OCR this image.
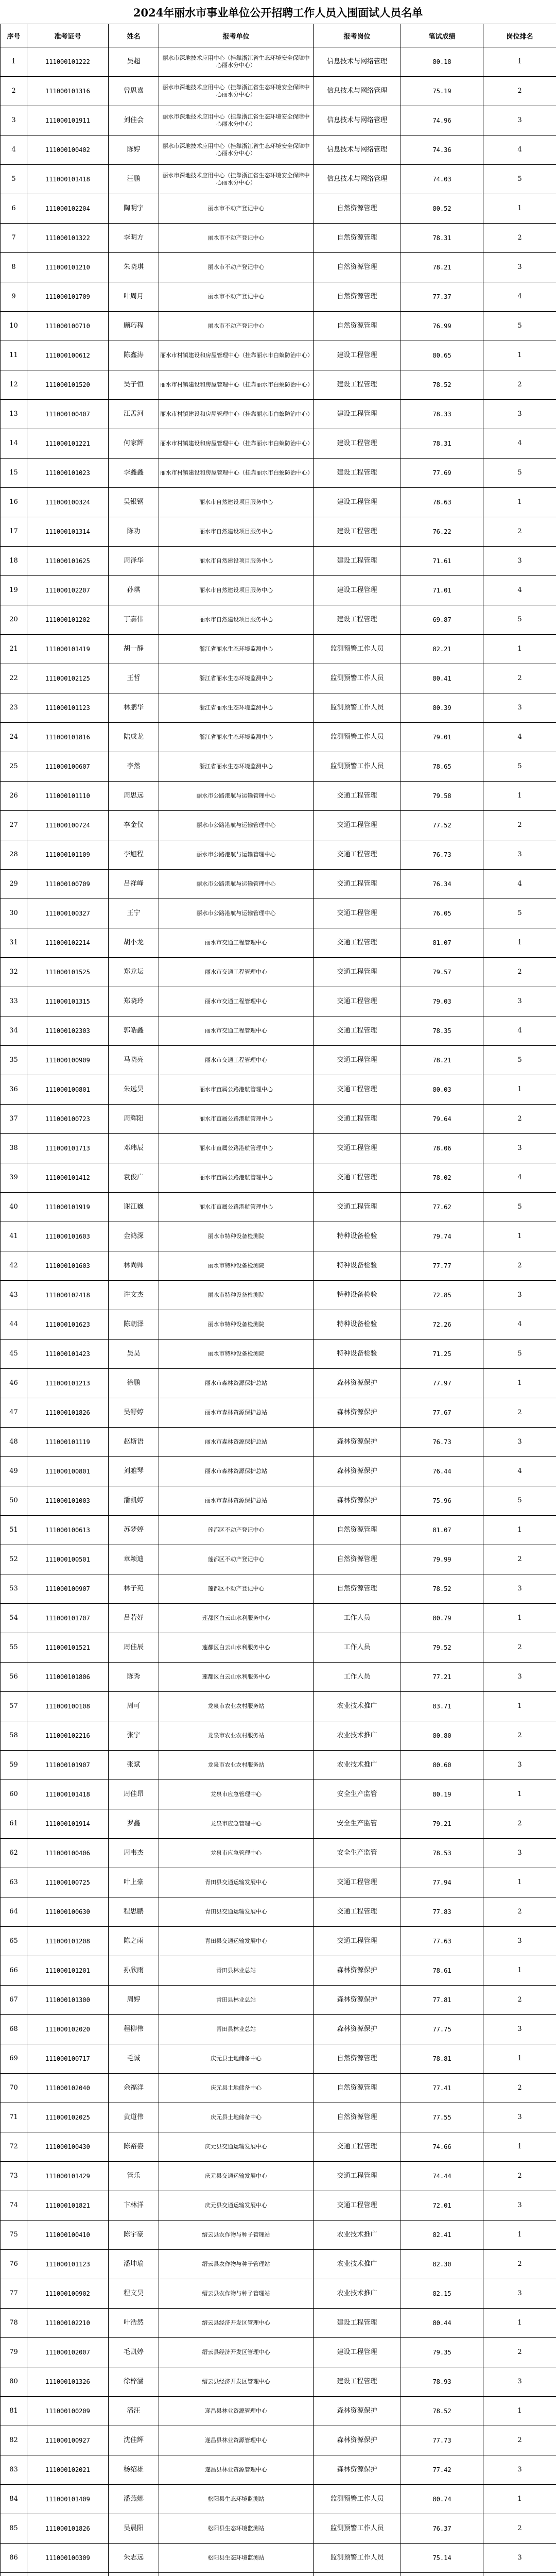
2024年丽水市事业单位公开招聘工作人员入围面试人员名单
序号	准考证号	姓名	报考单位	报考岗位	笔试成绩	岗位排名
1	111000101222	吴超	丽水市深地技术应用中心（挂靠浙江省生态环境安全保障中心丽水分中心）	信息技术与网络管理	80.18	1
2	111000101316	曾思嘉	丽水市深地技术应用中心（挂靠浙江省生态环境安全保障中心丽水分中心）	信息技术与网络管理	75.19	2
3	111000101911	刘佳会	丽水市深地技术应用中心（挂靠浙江省生态环境安全保障中心丽水分中心）	信息技术与网络管理	74.96	3
4	111000100402	陈婷	丽水市深地技术应用中心（挂靠浙江省生态环境安全保障中心丽水分中心）	信息技术与网络管理	74.36	4
5	111000101418	汪鹏	丽水市深地技术应用中心（挂靠浙江省生态环境安全保障中心丽水分中心）	信息技术与网络管理	74.03	5
6	111000102204	陶明宇	丽水市不动产登记中心	自然资源管理	80.52	1
7	111000101322	李明方	丽水市不动产登记中心	自然资源管理	78.31	2
8	111000101210	朱晓琪	丽水市不动产登记中心	自然资源管理	78.21	3
9	111000101709	叶周月	丽水市不动产登记中心	自然资源管理	77.37	4
10	111000100710	顾巧程	丽水市不动产登记中心	自然资源管理	76.99	5
11	111000100612	陈鑫涛	丽水市村镇建设和房屋管理中心（挂靠丽水市白蚁防治中心）	建设工程管理	80.65	1
12	111000101520	吴子恒	丽水市村镇建设和房屋管理中心（挂靠丽水市白蚁防治中心）	建设工程管理	78.52	2
13	111000100407	江孟河	丽水市村镇建设和房屋管理中心（挂靠丽水市白蚁防治中心）	建设工程管理	78.33	3
14	111000101221	何家辉	丽水市村镇建设和房屋管理中心（挂靠丽水市白蚁防治中心）	建设工程管理	78.31	4
15	111000101023	李鑫鑫	丽水市村镇建设和房屋管理中心（挂靠丽水市白蚁防治中心）	建设工程管理	77.69	5
16	111000100324	吴银钢	丽水市自然建设项目服务中心	建设工程管理	78.63	1
17	111000101314	陈功	丽水市自然建设项目服务中心	建设工程管理	76.22	2
18	111000101625	周泽华	丽水市自然建设项目服务中心	建设工程管理	71.61	3
19	111000102207	孙琪	丽水市自然建设项目服务中心	建设工程管理	71.01	4
20	111000101202	丁嘉伟	丽水市自然建设项目服务中心	建设工程管理	69.87	5
21	111000101419	胡一静	浙江省丽水生态环境监测中心	监测预警工作人员	82.21	1
22	111000102125	王哲	浙江省丽水生态环境监测中心	监测预警工作人员	80.41	2
23	111000101123	林鹏华	浙江省丽水生态环境监测中心	监测预警工作人员	80.39	3
24	111000101816	陆成龙	浙江省丽水生态环境监测中心	监测预警工作人员	79.01	4
25	111000100607	李然	浙江省丽水生态环境监测中心	监测预警工作人员	78.65	5
26	111000101110	周思远	丽水市公路港航与运输管理中心	交通工程管理	79.58	1
27	111000100724	李金仪	丽水市公路港航与运输管理中心	交通工程管理	77.52	2
28	111000101109	李旭程	丽水市公路港航与运输管理中心	交通工程管理	76.73	3
29	111000100709	吕祥峰	丽水市公路港航与运输管理中心	交通工程管理	76.34	4
30	111000100327	王宁	丽水市公路港航与运输管理中心	交通工程管理	76.05	5
31	111000102214	胡小龙	丽水市交通工程管理中心	交通工程管理	81.07	1
32	111000101525	郑龙坛	丽水市交通工程管理中心	交通工程管理	79.57	2
33	111000101315	郑晓玲	丽水市交通工程管理中心	交通工程管理	79.03	3
34	111000102303	郭皓鑫	丽水市交通工程管理中心	交通工程管理	78.35	4
35	111000100909	马晓亮	丽水市交通工程管理中心	交通工程管理	78.21	5
36	111000100801	朱远昊	丽水市直属公路港航管理中心	交通工程管理	80.03	1
37	111000100723	周辉阳	丽水市直属公路港航管理中心	交通工程管理	79.64	2
38	111000101713	邓玮辰	丽水市直属公路港航管理中心	交通工程管理	78.06	3
39	111000101412	袁俊广	丽水市直属公路港航管理中心	交通工程管理	78.02	4
40	111000101919	谢江巍	丽水市直属公路港航管理中心	交通工程管理	77.62	5
41	111000101603	金鸿深	丽水市特种设备检测院	特种设备检验	79.74	1
42	111000101603	林尚帅	丽水市特种设备检测院	特种设备检验	77.77	2
43	111000102418	许文杰	丽水市特种设备检测院	特种设备检验	72.85	3
44	111000101623	陈朝泽	丽水市特种设备检测院	特种设备检验	72.26	4
45	111000101423	吴昊	丽水市特种设备检测院	特种设备检验	71.25	5
46	111000101213	徐鹏	丽水市森林资源保护总站	森林资源保护	77.97	1
47	111000101826	吴舒婷	丽水市森林资源保护总站	森林资源保护	77.67	2
48	111000101119	赵斯语	丽水市森林资源保护总站	森林资源保护	76.73	3
49	111000100801	刘雅琴	丽水市森林资源保护总站	森林资源保护	76.44	4
50	111000101003	潘凯婷	丽水市森林资源保护总站	森林资源保护	75.96	5
51	111000100613	苏梦婷	莲都区不动产登记中心	自然资源管理	81.07	1
52	111000100501	章颖迪	莲都区不动产登记中心	自然资源管理	79.99	2
53	111000100907	林子苑	莲都区不动产登记中心	自然资源管理	78.52	3
54	111000101707	吕若妤	莲都区白云山水利服务中心	工作人员	80.79	1
55	111000101521	周佳辰	莲都区白云山水利服务中心	工作人员	79.52	2
56	111000101806	陈秀	莲都区白云山水利服务中心	工作人员	77.21	3
57	111000100108	周可	龙泉市农业农村服务站	农业技术推广	83.71	1
58	111000102216	张宇	龙泉市农业农村服务站	农业技术推广	80.80	2
59	111000101907	张斌	龙泉市农业农村服务站	农业技术推广	80.60	3
60	111000101418	周佳昂	龙泉市应急管理中心	安全生产监管	80.19	1
61	111000101914	罗鑫	龙泉市应急管理中心	安全生产监管	79.21	2
62	111000100406	周韦杰	龙泉市应急管理中心	安全生产监管	78.53	3
63	111000100725	叶上豪	青田县交通运输发展中心	交通工程管理	77.94	1
64	111000100630	程思鹏	青田县交通运输发展中心	交通工程管理	77.83	2
65	111000101208	陈之雨	青田县交通运输发展中心	交通工程管理	77.63	3
66	111000101201	孙欣雨	青田县林业总站	森林资源保护	78.61	1
67	111000101300	周婷	青田县林业总站	森林资源保护	77.81	2
68	111000102020	程柳伟	青田县林业总站	森林资源保护	77.75	3
69	111000100717	毛诚	庆元县土地储备中心	自然资源管理	78.81	1
70	111000102040	余福洋	庆元县土地储备中心	自然资源管理	77.41	2
71	111000102025	黄道伟	庆元县土地储备中心	自然资源管理	77.55	3
72	111000100430	陈裕姿	庆元县交通运输发展中心	交通工程管理	74.66	1
73	111000101429	管乐	庆元县交通运输发展中心	交通工程管理	74.44	2
74	111000101821	卞林洋	庆元县交通运输发展中心	交通工程管理	72.01	3
75	111000100410	陈宇豪	缙云县农作物与种子管理站	农业技术推广	82.41	1
76	111000101123	潘坤瑜	缙云县农作物与种子管理站	农业技术推广	82.30	2
77	111000100902	程文昊	缙云县农作物与种子管理站	农业技术推广	82.15	3
78	111000102210	叶浩然	缙云县经济开发区管理中心	建设工程管理	80.44	1
79	111000102007	毛凯婷	缙云县经济开发区管理中心	建设工程管理	79.35	2
80	111000101326	徐梓涵	缙云县经济开发区管理中心	建设工程管理	78.93	3
81	111000100209	潘汪	遂昌县林业资源管理中心	森林资源保护	78.52	1
82	111000100927	沈佳辉	遂昌县林业资源管理中心	森林资源保护	77.73	2
83	111000102021	杨绍雄	遂昌县林业资源管理中心	森林资源保护	77.42	3
84	111000101409	潘燕娜	松阳县生态环境监测站	监测预警工作人员	80.74	1
85	111000101826	吴晨阳	松阳县生态环境监测站	监测预警工作人员	76.37	2
86	111000100309	朱志远	松阳县生态环境监测站	监测预警工作人员	75.14	3
